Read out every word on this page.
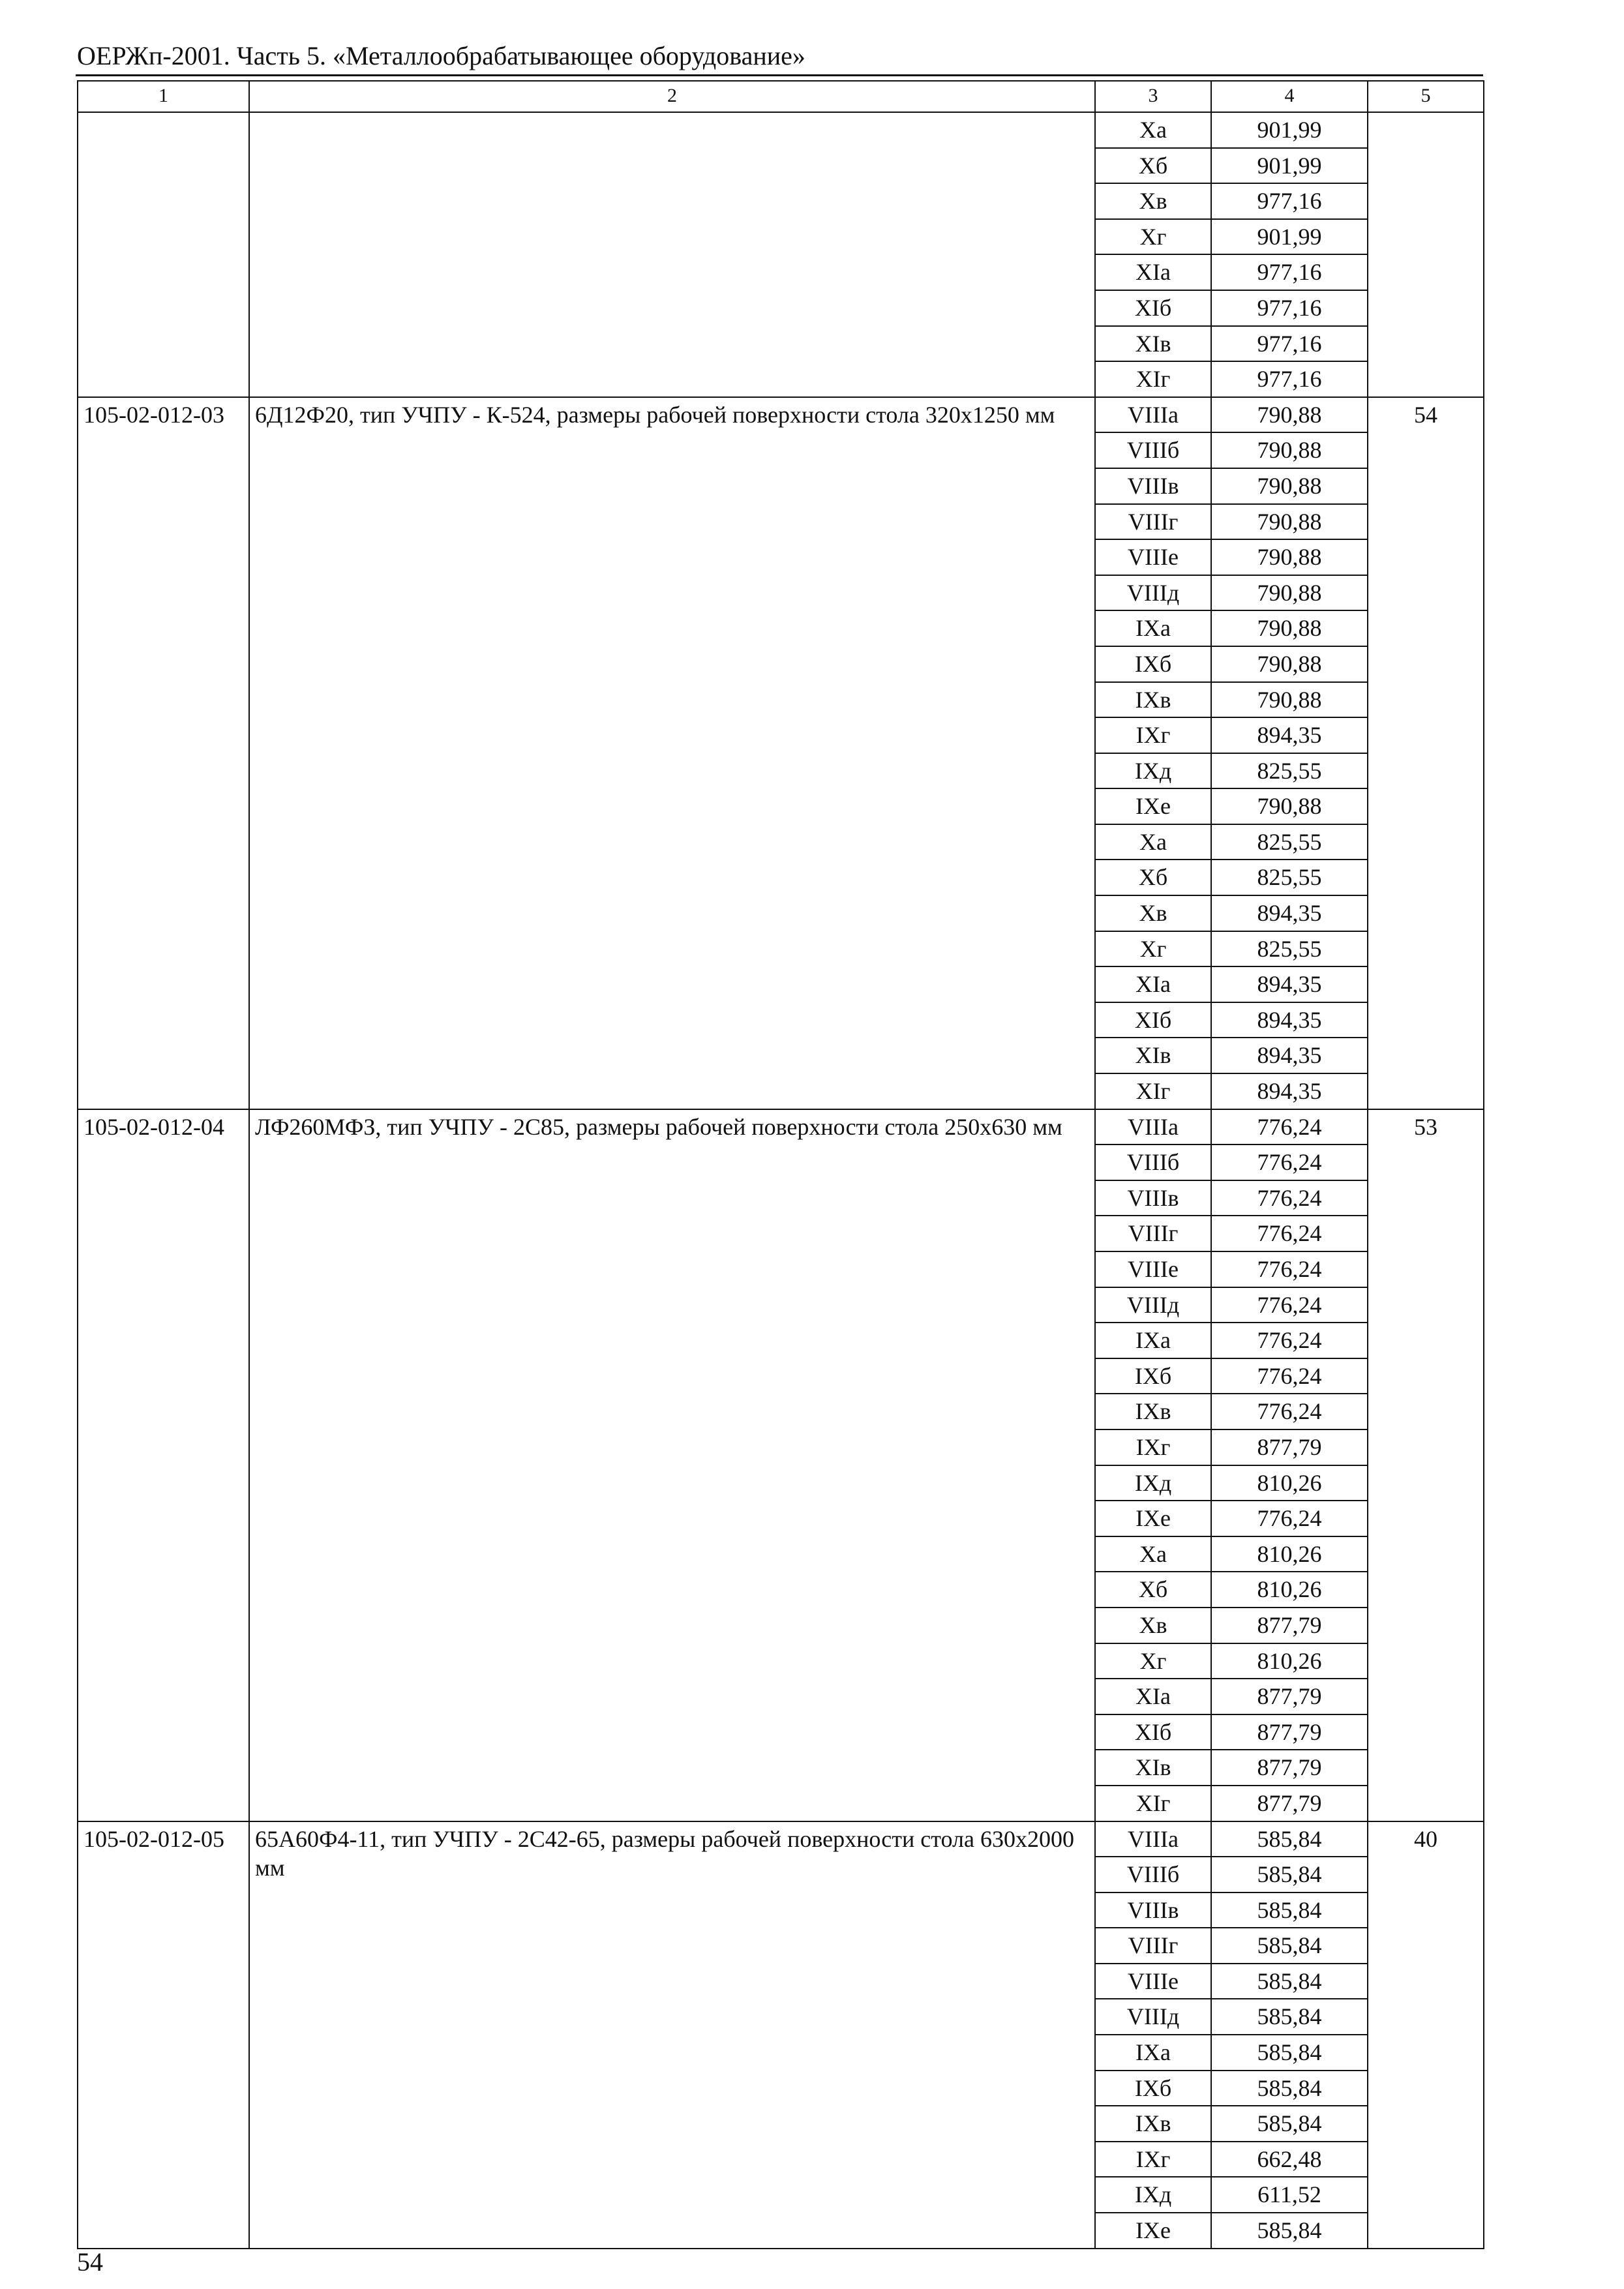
ОЕРЖп-2001. Часть 5. «Металлообрабатывающее оборудование»
1	2	3	4	5
		Xа	901,99	
		Xб	901,99	
		Xв	977,16	
		Xг	901,99	
		XIа	977,16	
		XIб	977,16	
		XIв	977,16	
		XIг	977,16	
105-02-012-03	6Д12Ф20, тип УЧПУ - К-524, размеры рабочей поверхности стола 320х1250 мм	VIIIа	790,88	54
		VIIIб	790,88	
		VIIIв	790,88	
		VIIIг	790,88	
		VIIIе	790,88	
		VIIIд	790,88	
		IXа	790,88	
		IXб	790,88	
		IXв	790,88	
		IXг	894,35	
		IXд	825,55	
		IXе	790,88	
		Xа	825,55	
		Xб	825,55	
		Xв	894,35	
		Xг	825,55	
		XIа	894,35	
		XIб	894,35	
		XIв	894,35	
		XIг	894,35	
105-02-012-04	ЛФ260МФЗ, тип УЧПУ - 2С85, размеры рабочей поверхности стола 250х630 мм	VIIIа	776,24	53
		VIIIб	776,24	
		VIIIв	776,24	
		VIIIг	776,24	
		VIIIе	776,24	
		VIIIд	776,24	
		IXа	776,24	
		IXб	776,24	
		IXв	776,24	
		IXг	877,79	
		IXд	810,26	
		IXе	776,24	
		Xа	810,26	
		Xб	810,26	
		Xв	877,79	
		Xг	810,26	
		XIа	877,79	
		XIб	877,79	
		XIв	877,79	
		XIг	877,79	
105-02-012-05	65А60Ф4-11, тип УЧПУ - 2С42-65, размеры рабочей поверхности стола 630х2000 мм	VIIIа	585,84	40
		VIIIб	585,84	
		VIIIв	585,84	
		VIIIг	585,84	
		VIIIе	585,84	
		VIIIд	585,84	
		IXа	585,84	
		IXб	585,84	
		IXв	585,84	
		IXг	662,48	
		IXд	611,52	
		IXе	585,84	
54
